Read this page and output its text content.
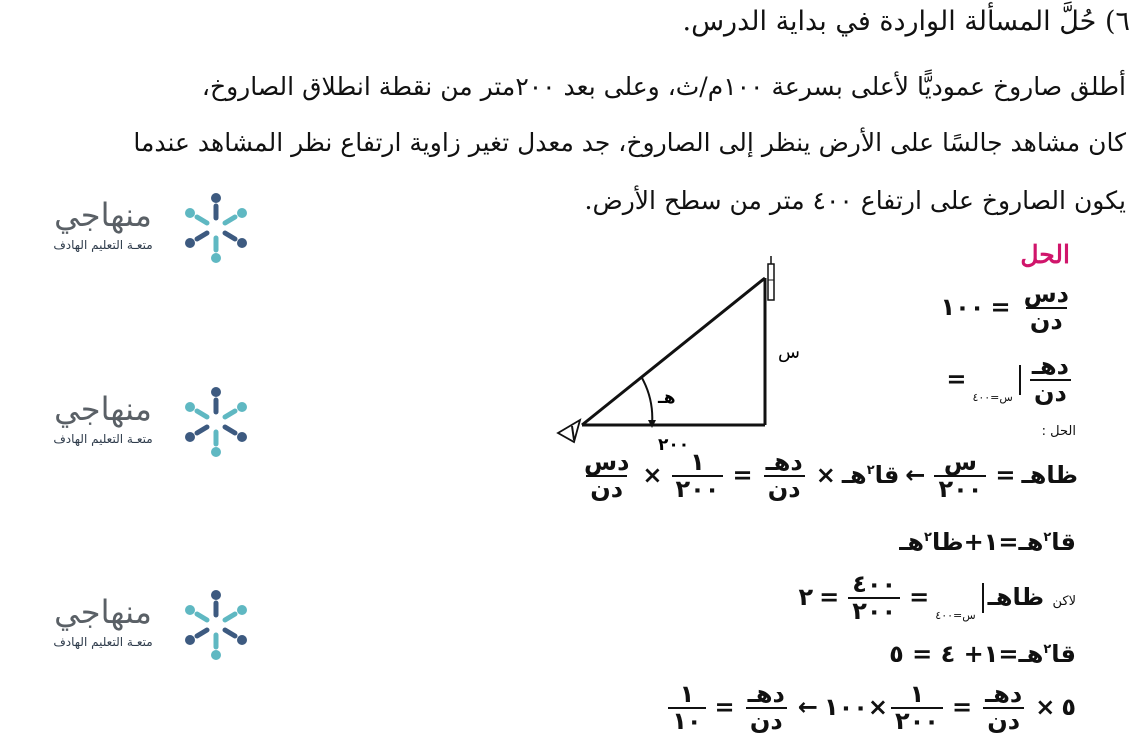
٦) حُلَّ المسألة الواردة في بداية الدرس.
أطلق صاروخ عموديًّا لأعلى بسرعة ١٠٠م/ث، وعلى بعد ٢٠٠متر من نقطة انطلاق الصاروخ،
كان مشاهد جالسًا على الأرض ينظر إلى الصاروخ، جد معدل تغير زاوية ارتفاع نظر المشاهد عندما
يكون الصاروخ على ارتفاع ٤٠٠ متر من سطح الأرض.
منهاجي
متعـة التعليم الهادف
منهاجي
متعـة التعليم الهادف
منهاجي
متعـة التعليم الهادف
س
هـ
٢٠٠
الحل
$\frac{\text{دس}}{\text{دن}}$
=١٠٠
$\frac{\text{دهـ}}{\text{دن}}$
$_{س=٤٠٠}$=
الحل :
ظاهـ=
$\frac{\text{س}}{٢٠٠}$
←قا$^٢$هـ×
$\frac{\text{دهـ}}{\text{دن}}$
=
$\frac{١}{٢٠٠}$
×
$\frac{\text{دس}}{\text{دن}}$
قا$^٢$هـ=١+ظا$^٢$هـ
لاكن ظاهـ$_{س=٤٠٠}$=
$\frac{٤٠٠}{٢٠٠}$
=٢
قا$^٢$هـ=١+ ٤ = ٥
٥×
$\frac{\text{دهـ}}{\text{دن}}$
=
$\frac{١}{٢٠٠}$
×١٠٠←
$\frac{\text{دهـ}}{\text{دن}}$
=
$\frac{١}{١٠}$
